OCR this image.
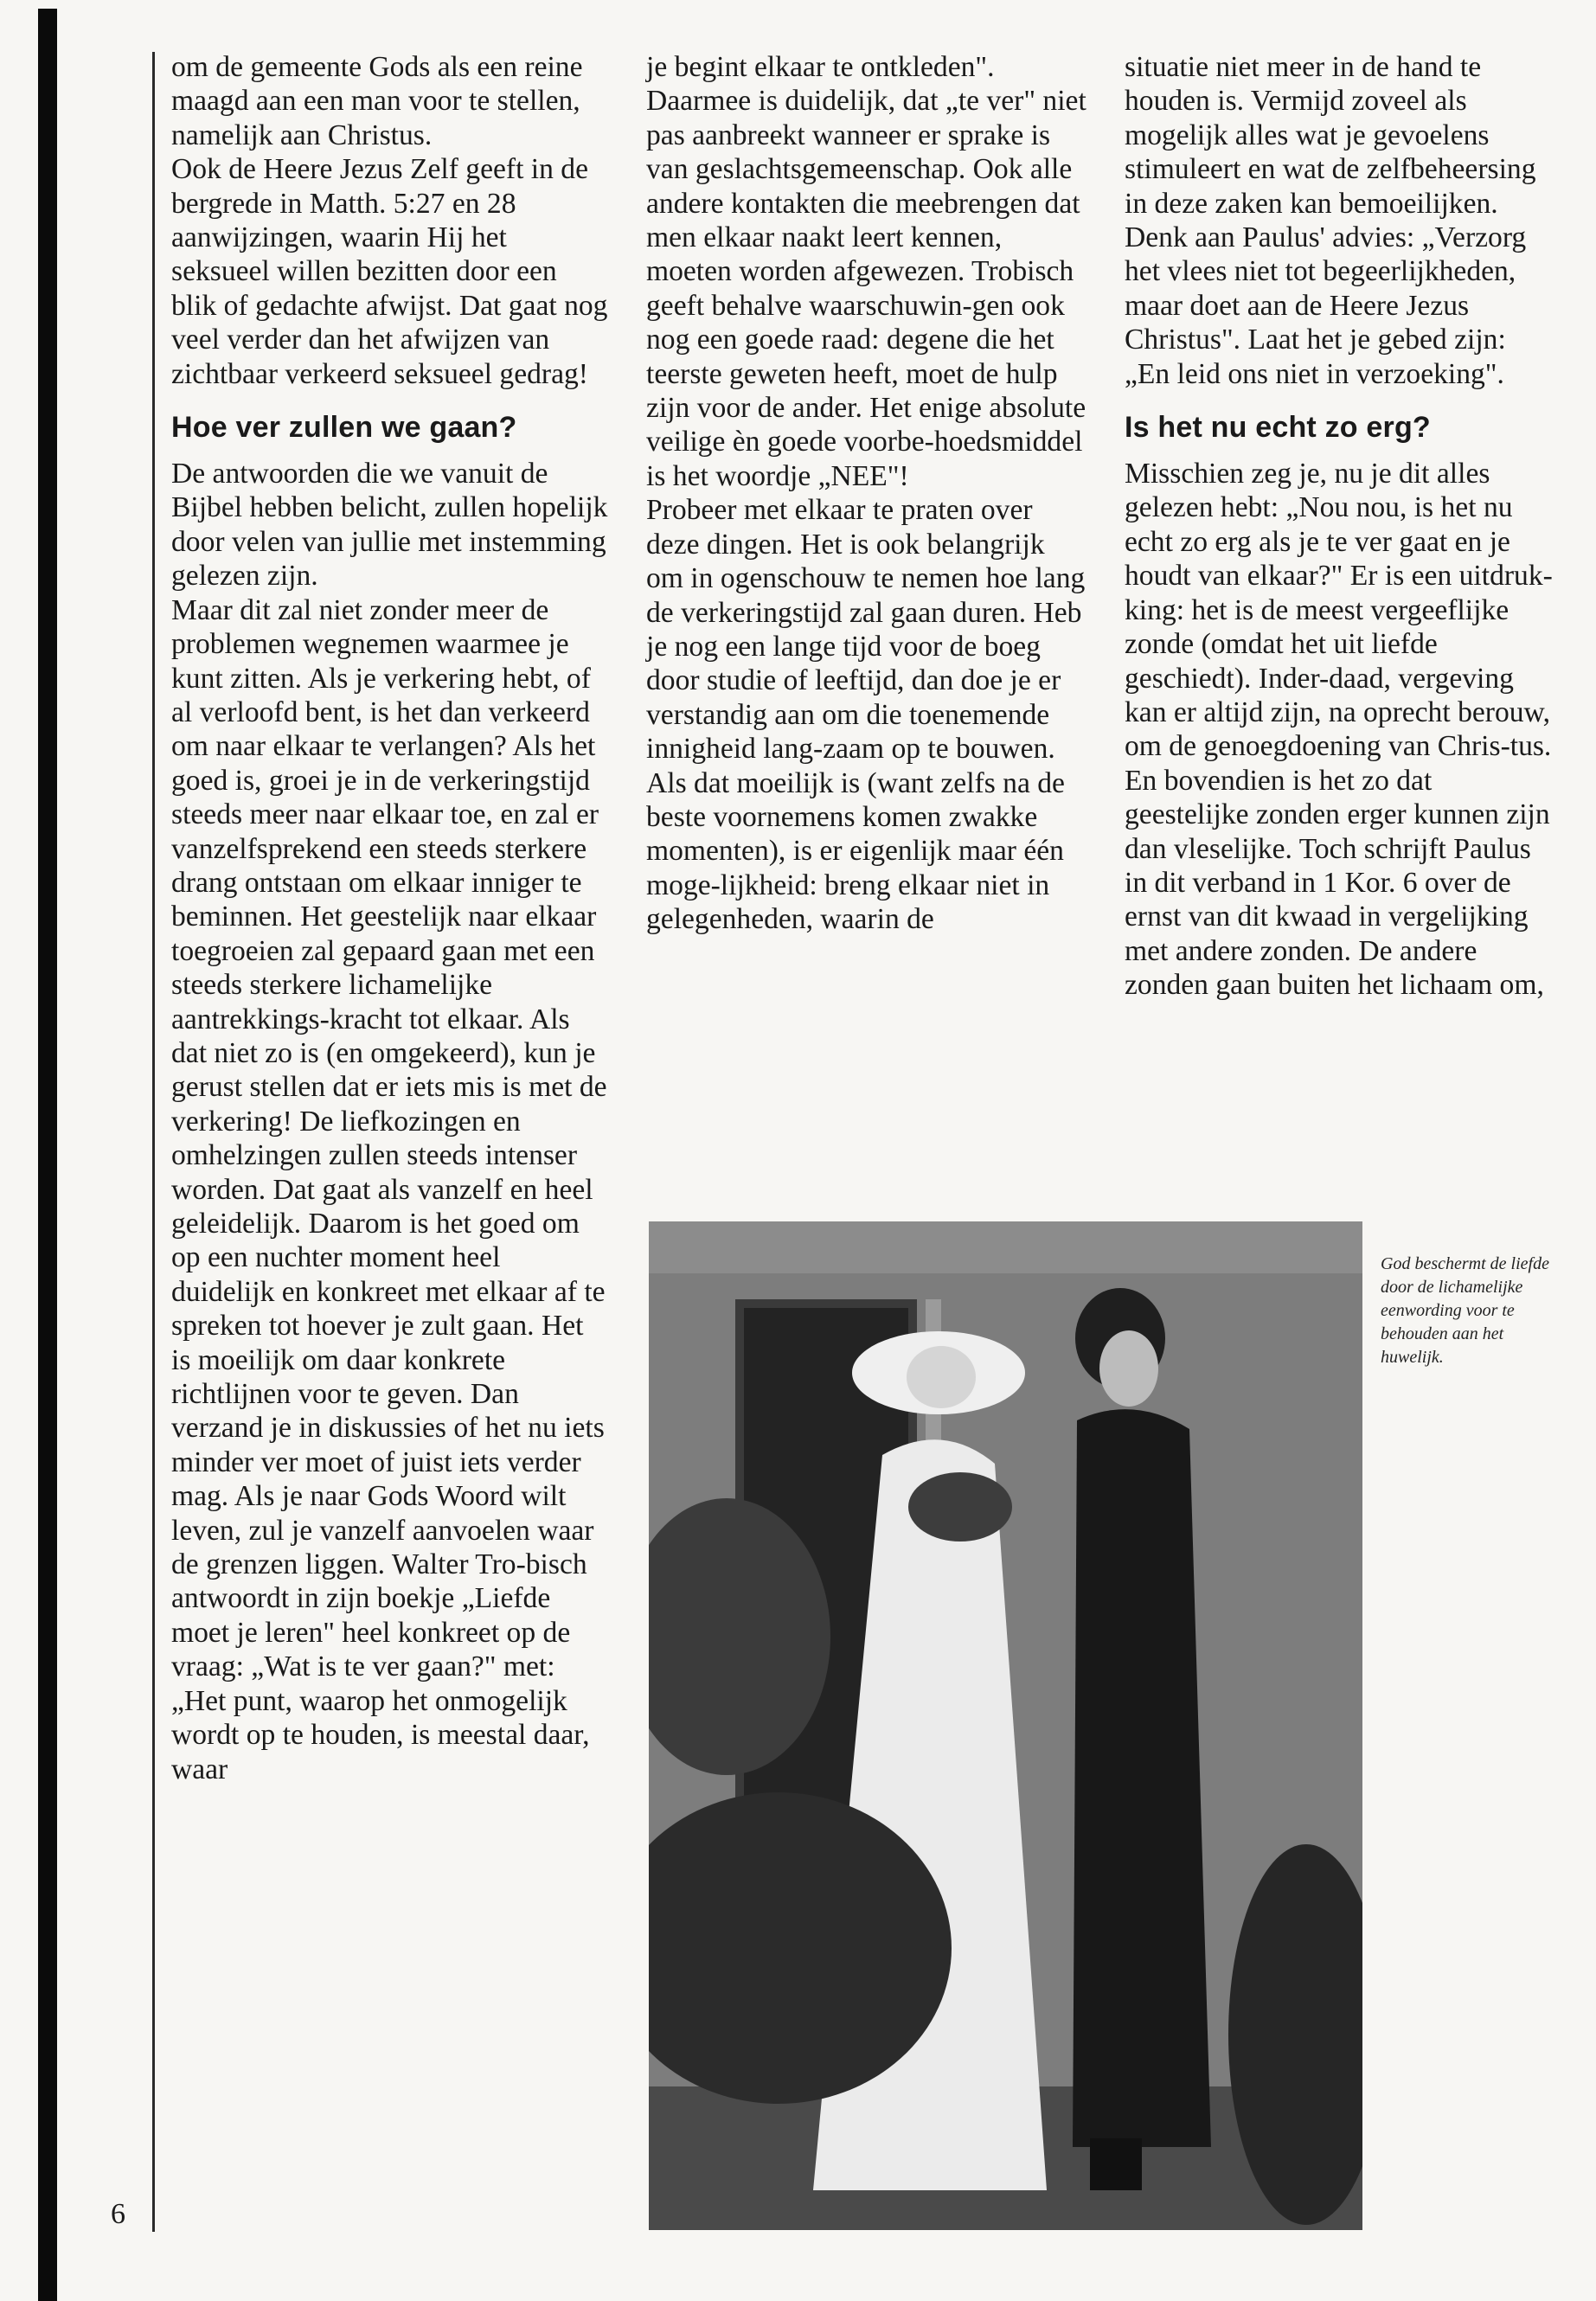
6

om de gemeente Gods als een reine maagd aan een man voor te stellen, namelijk aan Christus.

Ook de Heere Jezus Zelf geeft in de bergrede in Matth. 5:27 en 28 aanwijzingen, waarin Hij het seksueel willen bezitten door een blik of gedachte afwijst. Dat gaat nog veel verder dan het afwijzen van zichtbaar verkeerd seksueel gedrag!

Hoe ver zullen we gaan?

De antwoorden die we vanuit de Bijbel hebben belicht, zullen hopelijk door velen van jullie met instemming gelezen zijn.

Maar dit zal niet zonder meer de problemen wegnemen waarmee je kunt zitten. Als je verkering hebt, of al verloofd bent, is het dan verkeerd om naar elkaar te verlangen? Als het goed is, groei je in de verkeringstijd steeds meer naar elkaar toe, en zal er vanzelfsprekend een steeds sterkere drang ontstaan om elkaar inniger te beminnen. Het geestelijk naar elkaar toegroeien zal gepaard gaan met een steeds sterkere lichamelijke aantrekkings-kracht tot elkaar. Als dat niet zo is (en omgekeerd), kun je gerust stellen dat er iets mis is met de verkering! De liefkozingen en omhelzingen zullen steeds intenser worden. Dat gaat als vanzelf en heel geleidelijk. Daarom is het goed om op een nuchter moment heel duidelijk en konkreet met elkaar af te spreken tot hoever je zult gaan. Het is moeilijk om daar konkrete richtlijnen voor te geven. Dan verzand je in diskussies of het nu iets minder ver moet of juist iets verder mag. Als je naar Gods Woord wilt leven, zul je vanzelf aanvoelen waar de grenzen liggen. Walter Tro-bisch antwoordt in zijn boekje „Liefde moet je leren" heel konkreet op de vraag: „Wat is te ver gaan?" met: „Het punt, waarop het onmogelijk wordt op te houden, is meestal daar, waar

je begint elkaar te ontkleden". Daarmee is duidelijk, dat „te ver" niet pas aanbreekt wanneer er sprake is van geslachtsgemeenschap. Ook alle andere kontakten die meebrengen dat men elkaar naakt leert kennen, moeten worden afgewezen. Trobisch geeft behalve waarschuwin-gen ook nog een goede raad: degene die het teerste geweten heeft, moet de hulp zijn voor de ander. Het enige absolute veilige èn goede voorbe-hoedsmiddel is het woordje „NEE"!

Probeer met elkaar te praten over deze dingen. Het is ook belangrijk om in ogenschouw te nemen hoe lang de verkeringstijd zal gaan duren. Heb je nog een lange tijd voor de boeg door studie of leeftijd, dan doe je er verstandig aan om die toenemende innigheid lang-zaam op te bouwen. Als dat moeilijk is (want zelfs na de beste voornemens komen zwakke momenten), is er eigenlijk maar één moge-lijkheid: breng elkaar niet in gelegenheden, waarin de

situatie niet meer in de hand te houden is. Vermijd zoveel als mogelijk alles wat je gevoelens stimuleert en wat de zelfbeheersing in deze zaken kan bemoeilijken. Denk aan Paulus' advies: „Verzorg het vlees niet tot begeerlijkheden, maar doet aan de Heere Jezus Christus". Laat het je gebed zijn: „En leid ons niet in verzoeking".

Is het nu echt zo erg?

Misschien zeg je, nu je dit alles gelezen hebt: „Nou nou, is het nu echt zo erg als je te ver gaat en je houdt van elkaar?" Er is een uitdruk-king: het is de meest vergeeflijke zonde (omdat het uit liefde geschiedt). Inder-daad, vergeving kan er altijd zijn, na oprecht berouw, om de genoegdoening van Chris-tus. En bovendien is het zo dat geestelijke zonden erger kunnen zijn dan vleselijke. Toch schrijft Paulus in dit verband in 1 Kor. 6 over de ernst van dit kwaad in vergelijking met andere zonden. De andere zonden gaan buiten het lichaam om,

God beschermt de liefde door de lichamelijke eenwording voor te behouden aan het huwelijk.
